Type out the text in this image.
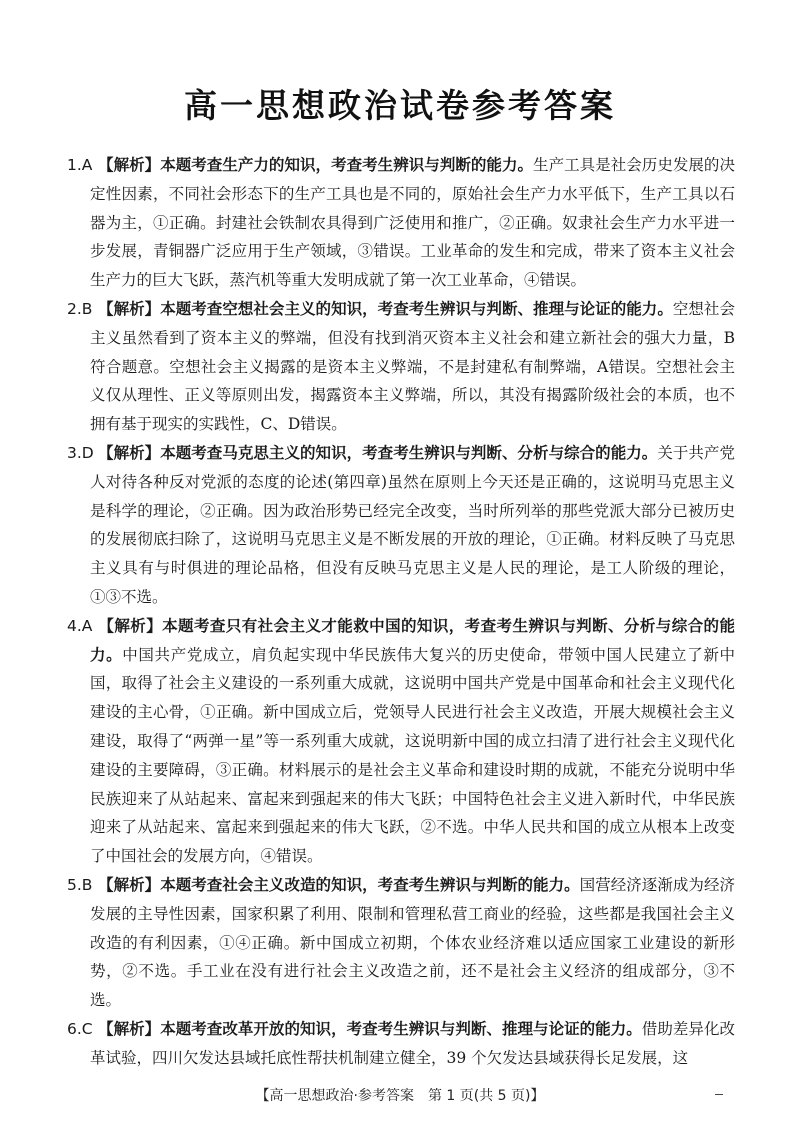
高一思想政治试卷参考答案
1.A 【解析】本题考查生产力的知识，考查考生辨识与判断的能力。生产工具是社会历史发展的决定性因素，不同社会形态下的生产工具也是不同的，原始社会生产力水平低下，生产工具以石器为主，①正确。封建社会铁制农具得到广泛使用和推广，②正确。奴隶社会生产力水平进一步发展，青铜器广泛应用于生产领域，③错误。工业革命的发生和完成，带来了资本主义社会生产力的巨大飞跃，蒸汽机等重大发明成就了第一次工业革命，④错误。
2.B 【解析】本题考查空想社会主义的知识，考查考生辨识与判断、推理与论证的能力。空想社会主义虽然看到了资本主义的弊端，但没有找到消灭资本主义社会和建立新社会的强大力量，B符合题意。空想社会主义揭露的是资本主义弊端，不是封建私有制弊端，A错误。空想社会主义仅从理性、正义等原则出发，揭露资本主义弊端，所以，其没有揭露阶级社会的本质，也不拥有基于现实的实践性，C、D错误。
3.D 【解析】本题考查马克思主义的知识，考查考生辨识与判断、分析与综合的能力。关于共产党人对待各种反对党派的态度的论述(第四章)虽然在原则上今天还是正确的，这说明马克思主义是科学的理论，②正确。因为政治形势已经完全改变，当时所列举的那些党派大部分已被历史的发展彻底扫除了，这说明马克思主义是不断发展的开放的理论，①正确。材料反映了马克思主义具有与时俱进的理论品格，但没有反映马克思主义是人民的理论，是工人阶级的理论，①③不选。
4.A 【解析】本题考查只有社会主义才能救中国的知识，考查考生辨识与判断、分析与综合的能力。中国共产党成立，肩负起实现中华民族伟大复兴的历史使命，带领中国人民建立了新中国，取得了社会主义建设的一系列重大成就，这说明中国共产党是中国革命和社会主义现代化建设的主心骨，①正确。新中国成立后，党领导人民进行社会主义改造，开展大规模社会主义建设，取得了“两弹一星”等一系列重大成就，这说明新中国的成立扫清了进行社会主义现代化建设的主要障碍，③正确。材料展示的是社会主义革命和建设时期的成就，不能充分说明中华民族迎来了从站起来、富起来到强起来的伟大飞跃；中国特色社会主义进入新时代，中华民族迎来了从站起来、富起来到强起来的伟大飞跃，②不选。中华人民共和国的成立从根本上改变了中国社会的发展方向，④错误。
5.B 【解析】本题考查社会主义改造的知识，考查考生辨识与判断的能力。国营经济逐渐成为经济发展的主导性因素，国家积累了利用、限制和管理私营工商业的经验，这些都是我国社会主义改造的有利因素，①④正确。新中国成立初期，个体农业经济难以适应国家工业建设的新形势，②不选。手工业在没有进行社会主义改造之前，还不是社会主义经济的组成部分，③不选。
6.C 【解析】本题考查改革开放的知识，考查考生辨识与判断、推理与论证的能力。借助差异化改革试验，四川欠发达县域托底性帮扶机制建立健全，39 个欠发达县域获得长足发展，这
【高一思想政治·参考答案　第 1 页(共 5 页)】
